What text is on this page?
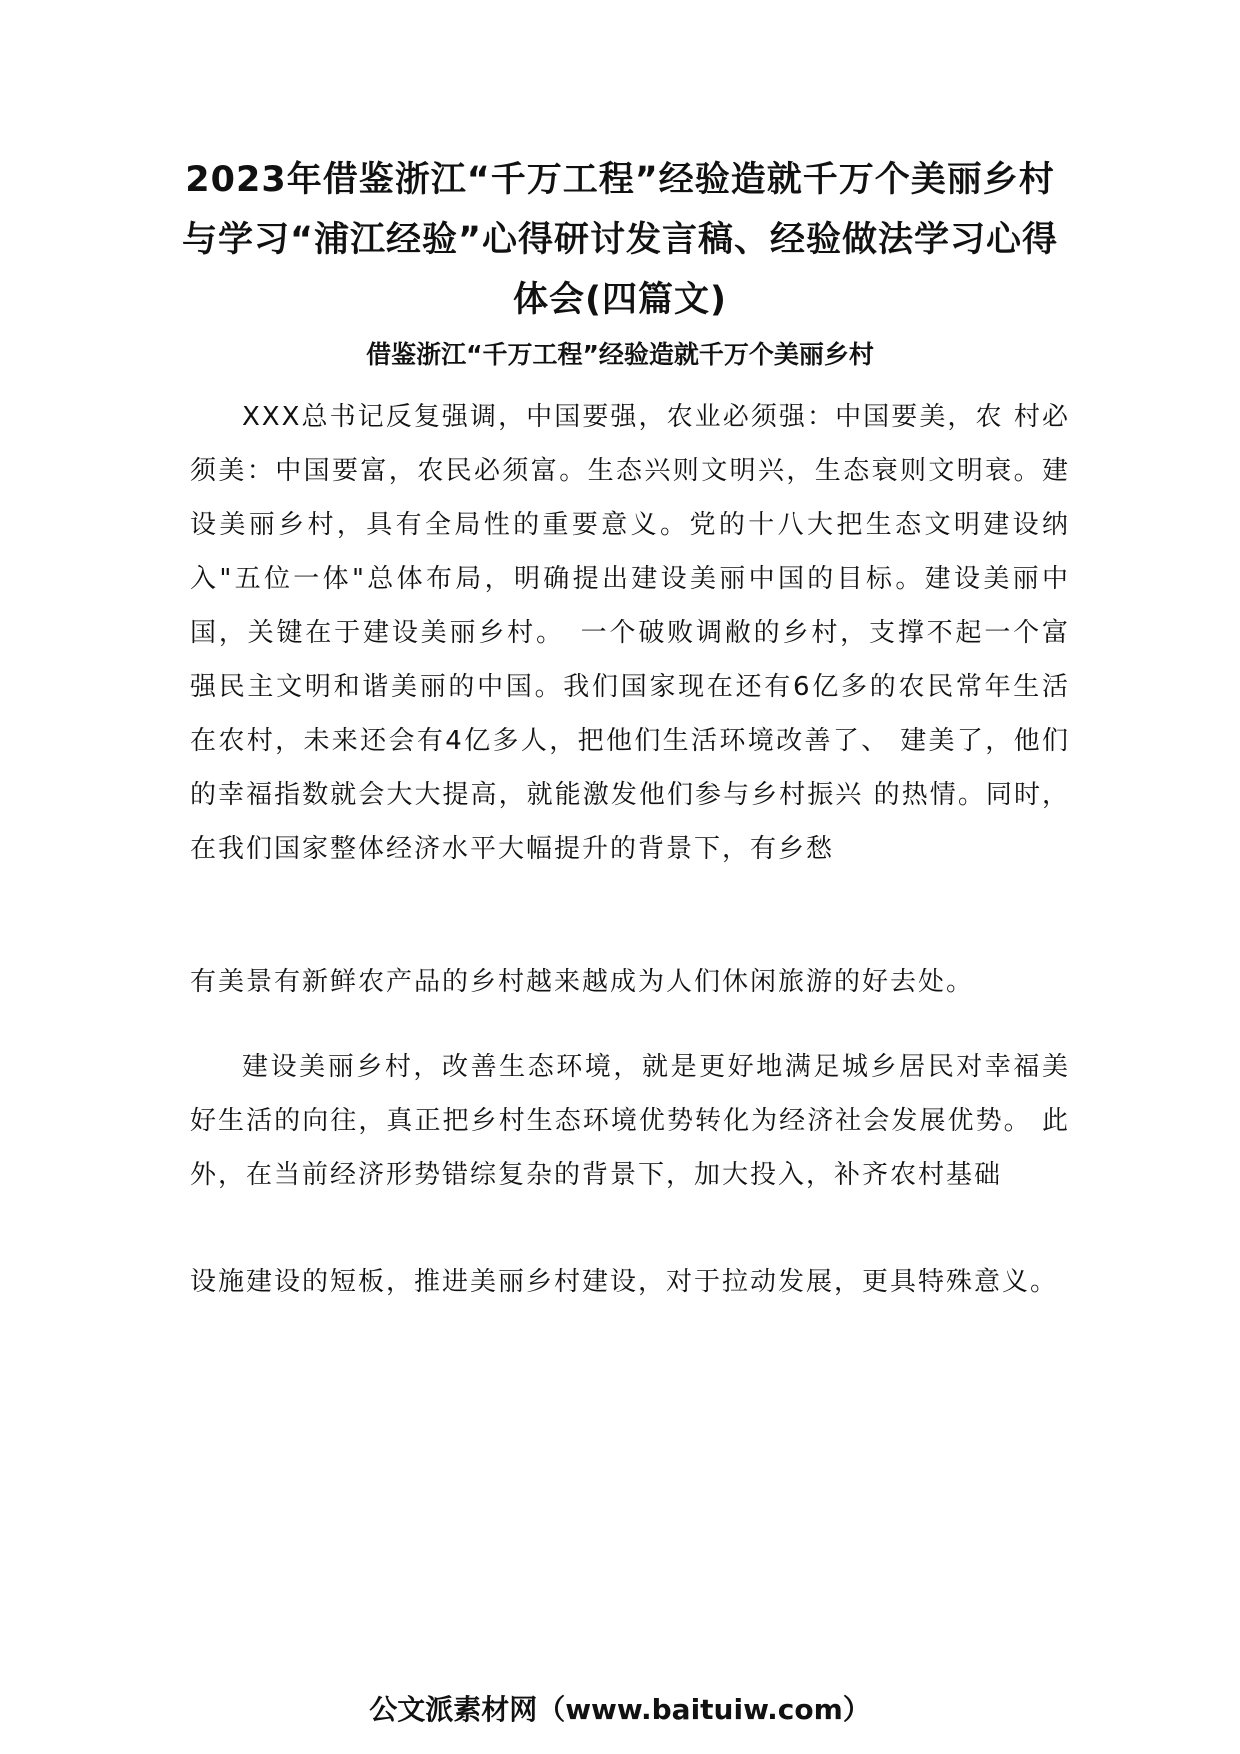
2023年借鉴浙江“千万工程”经验造就千万个美丽乡村与学习“浦江经验”心得研讨发言稿、经验做法学习心得体会(四篇文)
借鉴浙江“千万工程”经验造就千万个美丽乡村

XXX总书记反复强调，中国要强，农业必须强：中国要美，农 村必须美：中国要富，农民必须富。生态兴则文明兴，生态衰则文明衰。建设美丽乡村，具有全局性的重要意义。党的十八大把生态文明建设纳入"五位一体"总体布局，明确提出建设美丽中国的目标。建设美丽中国，关键在于建设美丽乡村。　一个破败调敝的乡村，支撑不起一个富强民主文明和谐美丽的中国。我们国家现在还有6亿多的农民常年生活在农村，未来还会有4亿多人，把他们生活环境改善了、 建美了，他们的幸福指数就会大大提高，就能激发他们参与乡村振兴 的热情。同时，在我们国家整体经济水平大幅提升的背景下，有乡愁

有美景有新鲜农产品的乡村越来越成为人们休闲旅游的好去处。

建设美丽乡村，改善生态环境，就是更好地满足城乡居民对幸福美好生活的向往，真正把乡村生态环境优势转化为经济社会发展优势。 此外，在当前经济形势错综复杂的背景下，加大投入，补齐农村基础

设施建设的短板，推进美丽乡村建设，对于拉动发展，更具特殊意义。

公文派素材网（www.baituiw.com）
